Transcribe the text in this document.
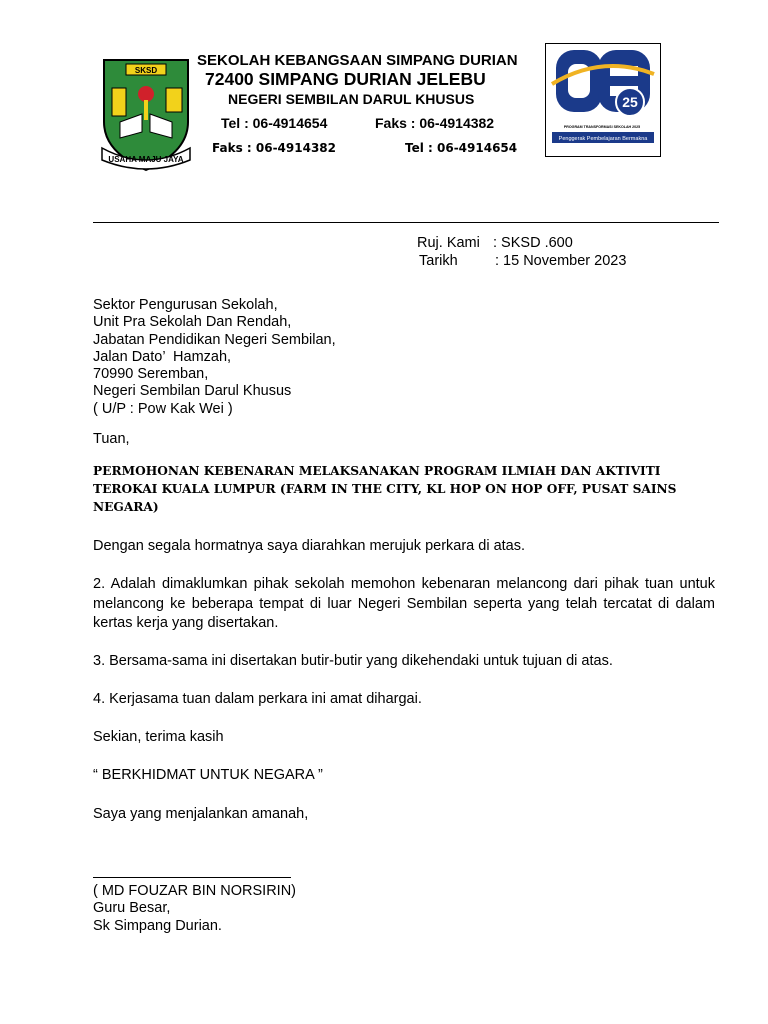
SKSD
USAHA MAJU JAYA
SEKOLAH KEBANGSAAN SIMPANG DURIAN
72400 SIMPANG DURIAN JELEBU
NEGERI SEMBILAN DARUL KHUSUS
Tel : 06-4914654	Faks : 06-4914382
Faks : 06-4914382	Tel : 06-4914654
25
PROGRAM TRANSFORMASI SEKOLAH 2025
Penggerak Pembelajaran Bermakna
Ruj. Kami : SKSD .600
Tarikh	: 15 November 2023
Sektor Pengurusan Sekolah,
Unit Pra Sekolah Dan Rendah,
Jabatan Pendidikan Negeri Sembilan,
Jalan Dato’  Hamzah,
70990 Seremban,
Negeri Sembilan Darul Khusus
( U/P : Pow Kak Wei )
Tuan,
PERMOHONAN KEBENARAN MELAKSANAKAN PROGRAM ILMIAH DAN AKTIVITI TEROKAI KUALA LUMPUR (FARM IN THE CITY, KL HOP ON HOP OFF, PUSAT SAINS NEGARA)
Dengan segala hormatnya saya diarahkan merujuk perkara di atas.
2. Adalah dimaklumkan pihak sekolah memohon kebenaran melancong dari pihak tuan untuk melancong ke beberapa tempat di luar Negeri Sembilan seperta yang telah tercatat di dalam kertas kerja yang disertakan.
3. Bersama-sama ini disertakan butir-butir yang dikehendaki untuk tujuan di atas.
4. Kerjasama tuan dalam perkara ini amat dihargai.
Sekian, terima kasih
“ BERKHIDMAT UNTUK NEGARA ”
Saya yang menjalankan amanah,
( MD FOUZAR BIN NORSIRIN)
Guru Besar,
Sk Simpang Durian.
